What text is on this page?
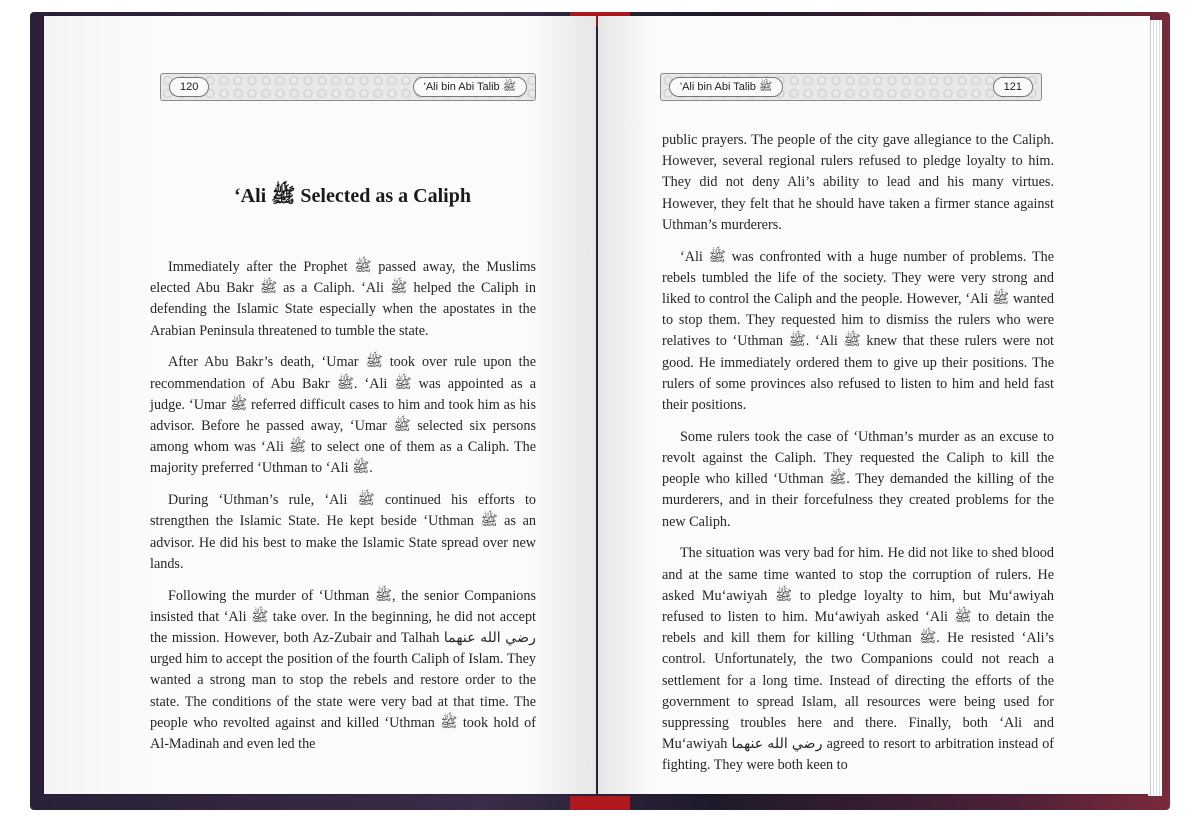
120	'Ali bin Abi Talib ﷺ
‘Ali ﷺ Selected as a Caliph

Immediately after the Prophet ﷺ passed away, the Muslims elected Abu Bakr ﷺ as a Caliph. ‘Ali ﷺ helped the Caliph in defending the Islamic State especially when the apostates in the Arabian Peninsula threatened to tumble the state.

After Abu Bakr’s death, ‘Umar ﷺ took over rule upon the recommendation of Abu Bakr ﷺ. ‘Ali ﷺ was appointed as a judge. ‘Umar ﷺ referred difficult cases to him and took him as his advisor. Before he passed away, ‘Umar ﷺ selected six persons among whom was ‘Ali ﷺ to select one of them as a Caliph. The majority preferred ‘Uthman to ‘Ali ﷺ.

During ‘Uthman’s rule, ‘Ali ﷺ continued his efforts to strengthen the Islamic State. He kept beside ‘Uthman ﷺ as an advisor. He did his best to make the Islamic State spread over new lands.

Following the murder of ‘Uthman ﷺ, the senior Companions insisted that ‘Ali ﷺ take over. In the beginning, he did not accept the mission. However, both Az-Zubair and Talhah رضي الله عنهما urged him to accept the position of the fourth Caliph of Islam. They wanted a strong man to stop the rebels and restore order to the state. The conditions of the state were very bad at that time. The people who revolted against and killed ‘Uthman ﷺ took hold of Al-Madinah and even led the

'Ali bin Abi Talib ﷺ	121

public prayers. The people of the city gave allegiance to the Caliph. However, several regional rulers refused to pledge loyalty to him. They did not deny Ali’s ability to lead and his many virtues. However, they felt that he should have taken a firmer stance against Uthman’s murderers.

‘Ali ﷺ was confronted with a huge number of problems. The rebels tumbled the life of the society. They were very strong and liked to control the Caliph and the people. However, ‘Ali ﷺ wanted to stop them. They requested him to dismiss the rulers who were relatives to ‘Uthman ﷺ. ‘Ali ﷺ knew that these rulers were not good. He immediately ordered them to give up their positions. The rulers of some provinces also refused to listen to him and held fast their positions.

Some rulers took the case of ‘Uthman’s murder as an excuse to revolt against the Caliph. They requested the Caliph to kill the people who killed ‘Uthman ﷺ. They demanded the killing of the murderers, and in their forcefulness they created problems for the new Caliph.

The situation was very bad for him. He did not like to shed blood and at the same time wanted to stop the corruption of rulers. He asked Mu‘awiyah ﷺ to pledge loyalty to him, but Mu‘awiyah refused to listen to him. Mu‘awiyah asked ‘Ali ﷺ to detain the rebels and kill them for killing ‘Uthman ﷺ. He resisted ‘Ali’s control. Unfortunately, the two Companions could not reach a settlement for a long time. Instead of directing the efforts of the government to spread Islam, all resources were being used for suppressing troubles here and there. Finally, both ‘Ali and Mu‘awiyah رضي الله عنهما agreed to resort to arbitration instead of fighting. They were both keen to
